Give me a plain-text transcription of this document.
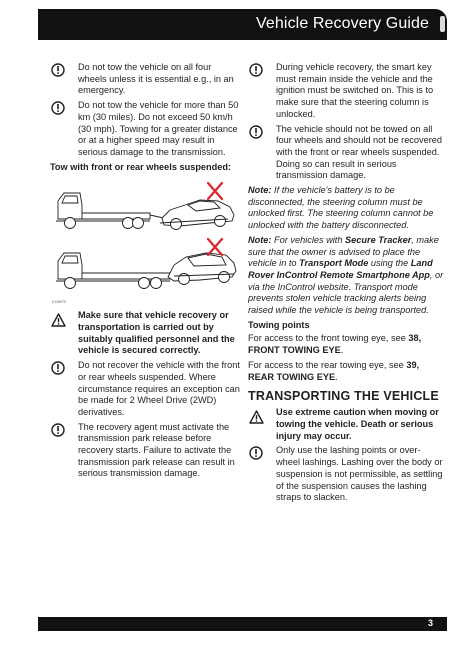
Vehicle Recovery Guide
Do not tow the vehicle on all four wheels unless it is essential e.g., in an emergency.
Do not tow the vehicle for more than 50 km (30 miles). Do not exceed 50 km/h (30 mph). Towing for a greater distance or at a higher speed may result in serious damage to the transmission.
Tow with front or rear wheels suspended:
E138975
Make sure that vehicle recovery or transportation is carried out by suitably qualified personnel and the vehicle is secured correctly.
Do not recover the vehicle with the front or rear wheels suspended. Where circumstance requires an exception can be made for 2 Wheel Drive (2WD) derivatives.
The recovery agent must activate the transmission park release before recovery starts. Failure to activate the transmission park release can result in serious transmission damage.
During vehicle recovery, the smart key must remain inside the vehicle and the ignition must be switched on. This is to make sure that the steering column is unlocked.
The vehicle should not be towed on all four wheels and should not be recovered with the front or rear wheels suspended. Doing so can result in serious transmission damage.
Note: If the vehicle's battery is to be disconnected, the steering column must be unlocked first. The steering column cannot be unlocked with the battery disconnected.
Note: For vehicles with Secure Tracker, make sure that the owner is advised to place the vehicle in to Transport Mode using the Land Rover InControl Remote Smartphone App, or via the InControl website. Transport mode prevents stolen vehicle tracking alerts being raised while the vehicle is being transported.
Towing points
For access to the front towing eye, see 38, FRONT TOWING EYE.
For access to the rear towing eye, see 39, REAR TOWING EYE.
TRANSPORTING THE VEHICLE
Use extreme caution when moving or towing the vehicle. Death or serious injury may occur.
Only use the lashing points or over-wheel lashings. Lashing over the body or suspension is not permissible, as settling of the suspension causes the lashing straps to slacken.
3
